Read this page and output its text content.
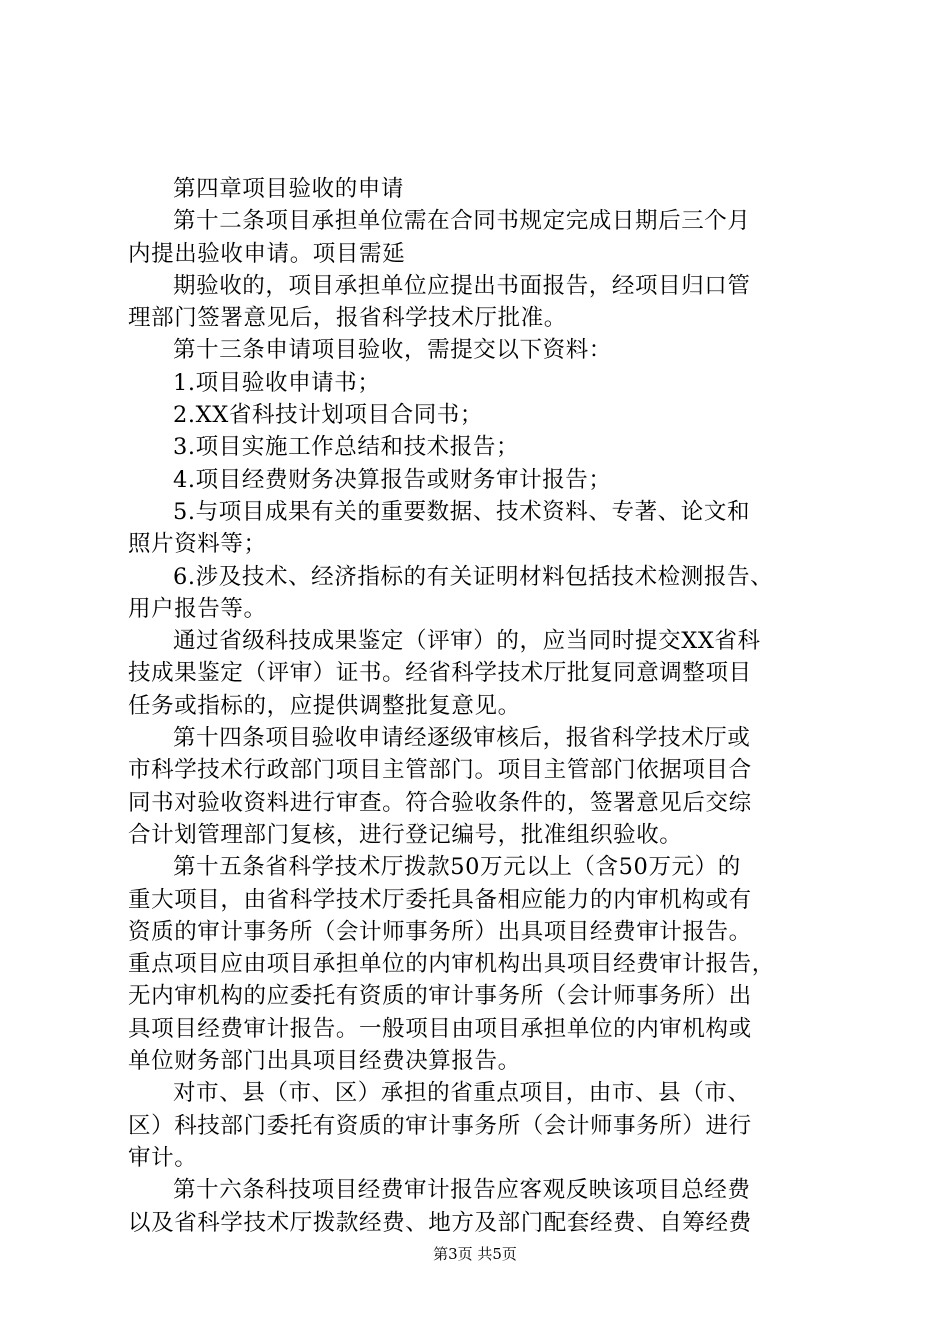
第四章项目验收的申请
第十二条项目承担单位需在合同书规定完成日期后三个月
内提出验收申请。项目需延
期验收的，项目承担单位应提出书面报告，经项目归口管
理部门签署意见后，报省科学技术厅批准。
第十三条申请项目验收，需提交以下资料：
1.项目验收申请书；
2.XX省科技计划项目合同书；
3.项目实施工作总结和技术报告；
4.项目经费财务决算报告或财务审计报告；
5.与项目成果有关的重要数据、技术资料、专著、论文和
照片资料等；
6.涉及技术、经济指标的有关证明材料包括技术检测报告、
用户报告等。
通过省级科技成果鉴定（评审）的，应当同时提交XX省科
技成果鉴定（评审）证书。经省科学技术厅批复同意调整项目
任务或指标的，应提供调整批复意见。
第十四条项目验收申请经逐级审核后，报省科学技术厅或
市科学技术行政部门项目主管部门。项目主管部门依据项目合
同书对验收资料进行审查。符合验收条件的，签署意见后交综
合计划管理部门复核，进行登记编号，批准组织验收。
第十五条省科学技术厅拨款50万元以上（含50万元）的
重大项目，由省科学技术厅委托具备相应能力的内审机构或有
资质的审计事务所（会计师事务所）出具项目经费审计报告。
重点项目应由项目承担单位的内审机构出具项目经费审计报告，
无内审机构的应委托有资质的审计事务所（会计师事务所）出
具项目经费审计报告。一般项目由项目承担单位的内审机构或
单位财务部门出具项目经费决算报告。
对市、县（市、区）承担的省重点项目，由市、县（市、
区）科技部门委托有资质的审计事务所（会计师事务所）进行
审计。
第十六条科技项目经费审计报告应客观反映该项目总经费
以及省科学技术厅拨款经费、地方及部门配套经费、自筹经费
第3页 共5页
